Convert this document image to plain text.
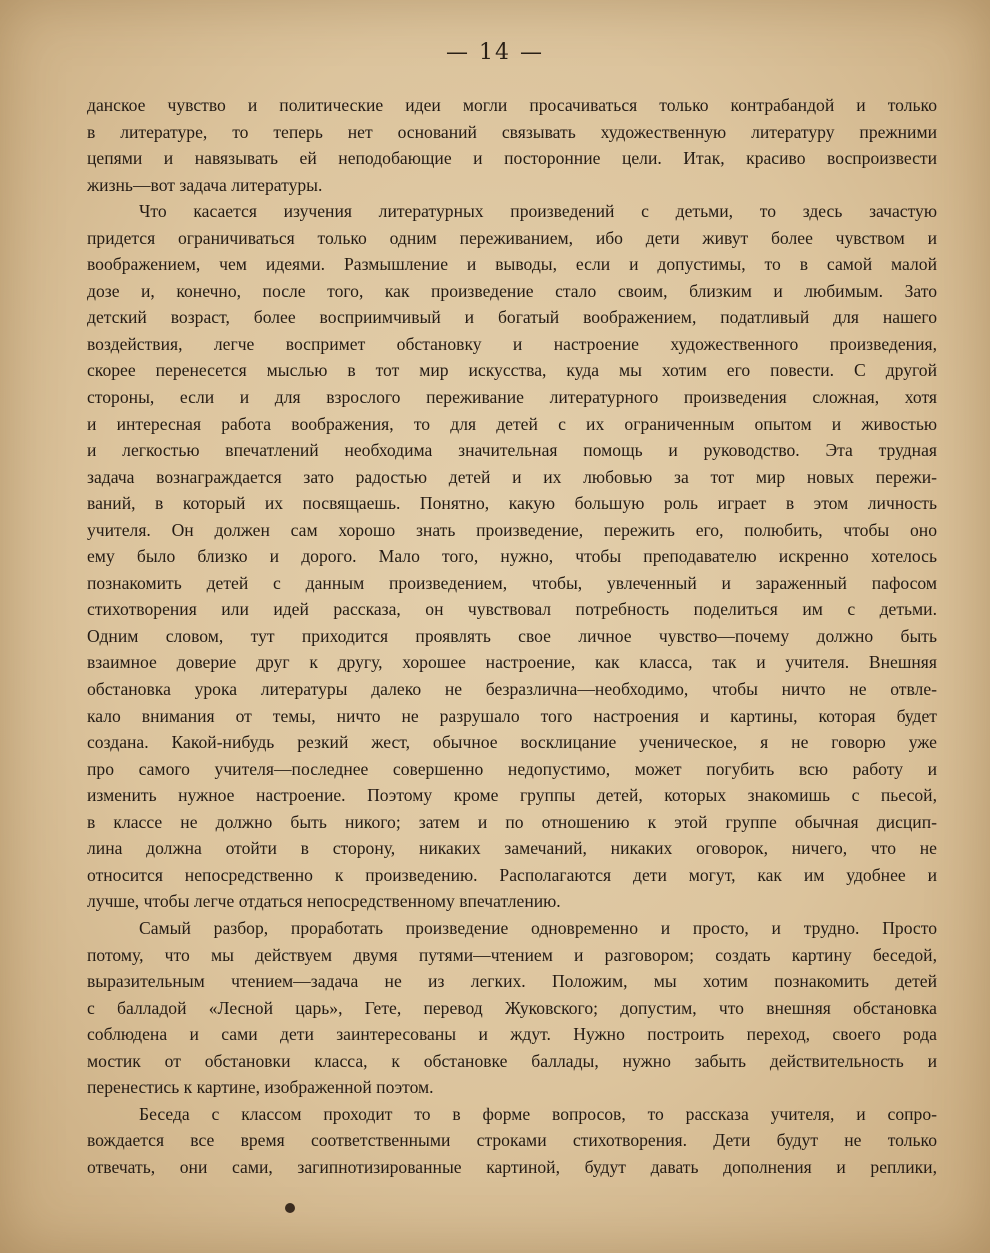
— 14 —
данское чувство и политические идеи могли просачиваться только контрабандой и только
в литературе, то теперь нет оснований связывать художественную литературу прежними
цепями и навязывать ей неподобающие и посторонние цели. Итак, красиво воспроизвести
жизнь—вот задача литературы.
Что касается изучения литературных произведений с детьми, то здесь зачастую
придется ограничиваться только одним переживанием, ибо дети живут более чувством и
воображением, чем идеями. Размышление и выводы, если и допустимы, то в самой малой
дозе и, конечно, после того, как произведение стало своим, близким и любимым. Зато
детский возраст, более восприимчивый и богатый воображением, податливый для нашего
воздействия, легче воспримет обстановку и настроение художественного произведения,
скорее перенесется мыслью в тот мир искусства, куда мы хотим его повести. С другой
стороны, если и для взрослого переживание литературного произведения сложная, хотя
и интересная работа воображения, то для детей с их ограниченным опытом и живостью
и легкостью впечатлений необходима значительная помощь и руководство. Эта трудная
задача вознаграждается зато радостью детей и их любовью за тот мир новых пережи-
ваний, в который их посвящаешь. Понятно, какую большую роль играет в этом личность
учителя. Он должен сам хорошо знать произведение, пережить его, полюбить, чтобы оно
ему было близко и дорого. Мало того, нужно, чтобы преподавателю искренно хотелось
познакомить детей с данным произведением, чтобы, увлеченный и зараженный пафосом
стихотворения или идей рассказа, он чувствовал потребность поделиться им с детьми.
Одним словом, тут приходится проявлять свое личное чувство—почему должно быть
взаимное доверие друг к другу, хорошее настроение, как класса, так и учителя. Внешняя
обстановка урока литературы далеко не безразлична—необходимо, чтобы ничто не отвле-
кало внимания от темы, ничто не разрушало того настроения и картины, которая будет
создана. Какой-нибудь резкий жест, обычное восклицание ученическое, я не говорю уже
про самого учителя—последнее совершенно недопустимо, может погубить всю работу и
изменить нужное настроение. Поэтому кроме группы детей, которых знакомишь с пьесой,
в классе не должно быть никого; затем и по отношению к этой группе обычная дисцип-
лина должна отойти в сторону, никаких замечаний, никаких оговорок, ничего, что не
относится непосредственно к произведению. Располагаются дети могут, как им удобнее и
лучше, чтобы легче отдаться непосредственному впечатлению.
Самый разбор, проработать произведение одновременно и просто, и трудно. Просто
потому, что мы действуем двумя путями—чтением и разговором; создать картину беседой,
выразительным чтением—задача не из легких. Положим, мы хотим познакомить детей
с балладой «Лесной царь», Гете, перевод Жуковского; допустим, что внешняя обстановка
соблюдена и сами дети заинтересованы и ждут. Нужно построить переход, своего рода
мостик от обстановки класса, к обстановке баллады, нужно забыть действительность и
перенестись к картине, изображенной поэтом.
Беседа с классом проходит то в форме вопросов, то рассказа учителя, и сопро-
вождается все время соответственными строками стихотворения. Дети будут не только
отвечать, они сами, загипнотизированные картиной, будут давать дополнения и реплики,
